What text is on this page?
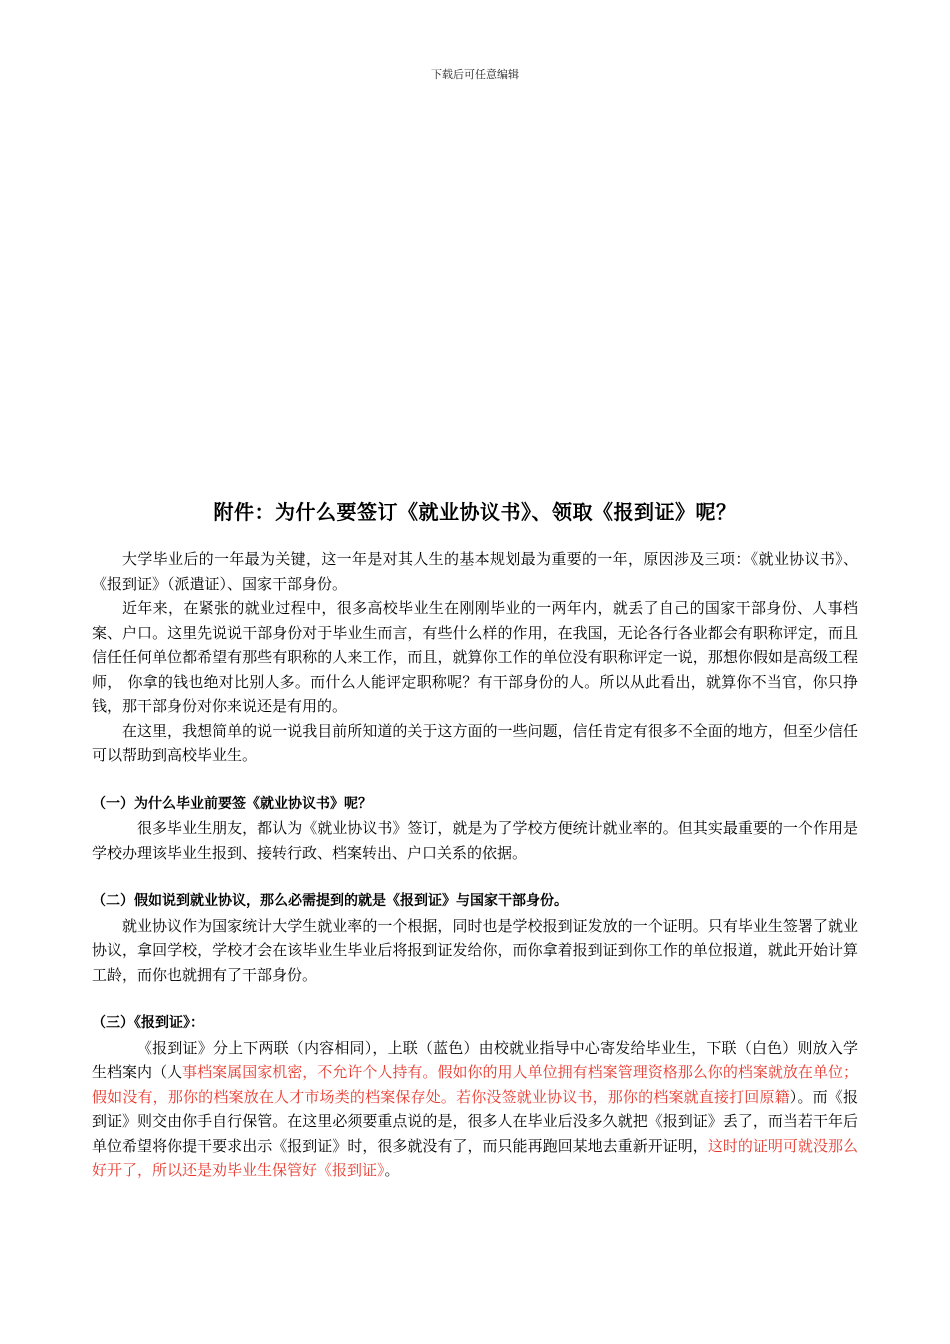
下载后可任意编辑
附件：为什么要签订《就业协议书》、领取《报到证》呢？

大学毕业后的一年最为关键，这一年是对其人生的基本规划最为重要的一年，原因涉及三项：《就业协议书》、《报到证》（派遣证）、国家干部身份。

近年来，在紧张的就业过程中，很多高校毕业生在刚刚毕业的一两年内，就丢了自己的国家干部身份、人事档案、户口。这里先说说干部身份对于毕业生而言，有些什么样的作用，在我国，无论各行各业都会有职称评定，而且信任任何单位都希望有那些有职称的人来工作，而且，就算你工作的单位没有职称评定一说，那想你假如是高级工程师， 你拿的钱也绝对比别人多。而什么人能评定职称呢？有干部身份的人。所以从此看出，就算你不当官，你只挣钱，那干部身份对你来说还是有用的。

在这里，我想简单的说一说我目前所知道的关于这方面的一些问题，信任肯定有很多不全面的地方，但至少信任可以帮助到高校毕业生。

（一）为什么毕业前要签《就业协议书》呢？

很多毕业生朋友，都认为《就业协议书》签订，就是为了学校方便统计就业率的。但其实最重要的一个作用是学校办理该毕业生报到、接转行政、档案转出、户口关系的依据。

（二）假如说到就业协议，那么必需提到的就是《报到证》与国家干部身份。

就业协议作为国家统计大学生就业率的一个根据，同时也是学校报到证发放的一个证明。只有毕业生签署了就业协议，拿回学校，学校才会在该毕业生毕业后将报到证发给你，而你拿着报到证到你工作的单位报道，就此开始计算工龄，而你也就拥有了干部身份。

（三）《报到证》：

《报到证》分上下两联（内容相同），上联（蓝色）由校就业指导中心寄发给毕业生，下联（白色）则放入学生档案内（人事档案属国家机密，不允许个人持有。假如你的用人单位拥有档案管理资格那么你的档案就放在单位；假如没有，那你的档案放在人才市场类的档案保存处。若你没签就业协议书，那你的档案就直接打回原籍）。而《报到证》则交由你手自行保管。在这里必须要重点说的是，很多人在毕业后没多久就把《报到证》丢了，而当若干年后单位希望将你提干要求出示《报到证》时，很多就没有了，而只能再跑回某地去重新开证明，这时的证明可就没那么好开了，所以还是劝毕业生保管好《报到证》。
